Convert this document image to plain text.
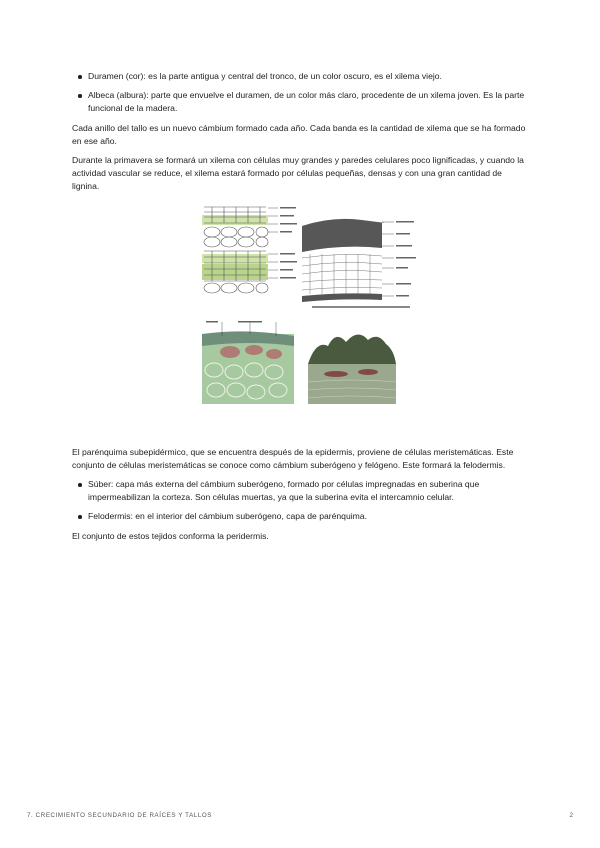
Duramen (cor): es la parte antigua y central del tronco, de un color oscuro, es el xilema viejo.
Albeca (albura): parte que envuelve el duramen, de un color más claro, procedente de un xilema joven. Es la parte funcional de la madera.

Cada anillo del tallo es un nuevo cámbium formado cada año. Cada banda es la cantidad de xilema que se ha formado en ese año.

Durante la primavera se formará un xilema con células muy grandes y paredes celulares poco lignificadas, y cuando la actividad vascular se reduce, el xilema estará formado por células pequeñas, densas y con una gran cantidad de lignina.

El parénquima subepidérmico, que se encuentra después de la epidermis, proviene de células meristemáticas. Este conjunto de células meristemáticas se conoce como cámbium suberógeno y felógeno. Este formará la felodermis.

Súber: capa más externa del cámbium suberógeno, formado por células impregnadas en suberina que impermeabilizan la corteza. Son células muertas, ya que la suberina evita el intercamnio celular.
Felodermis: en el interior del cámbium suberógeno, capa de parénquima.

El conjunto de estos tejidos conforma la peridermis.

7. CRECIMIENTO SECUNDARIO DE RAÍCES Y TALLOS	2
